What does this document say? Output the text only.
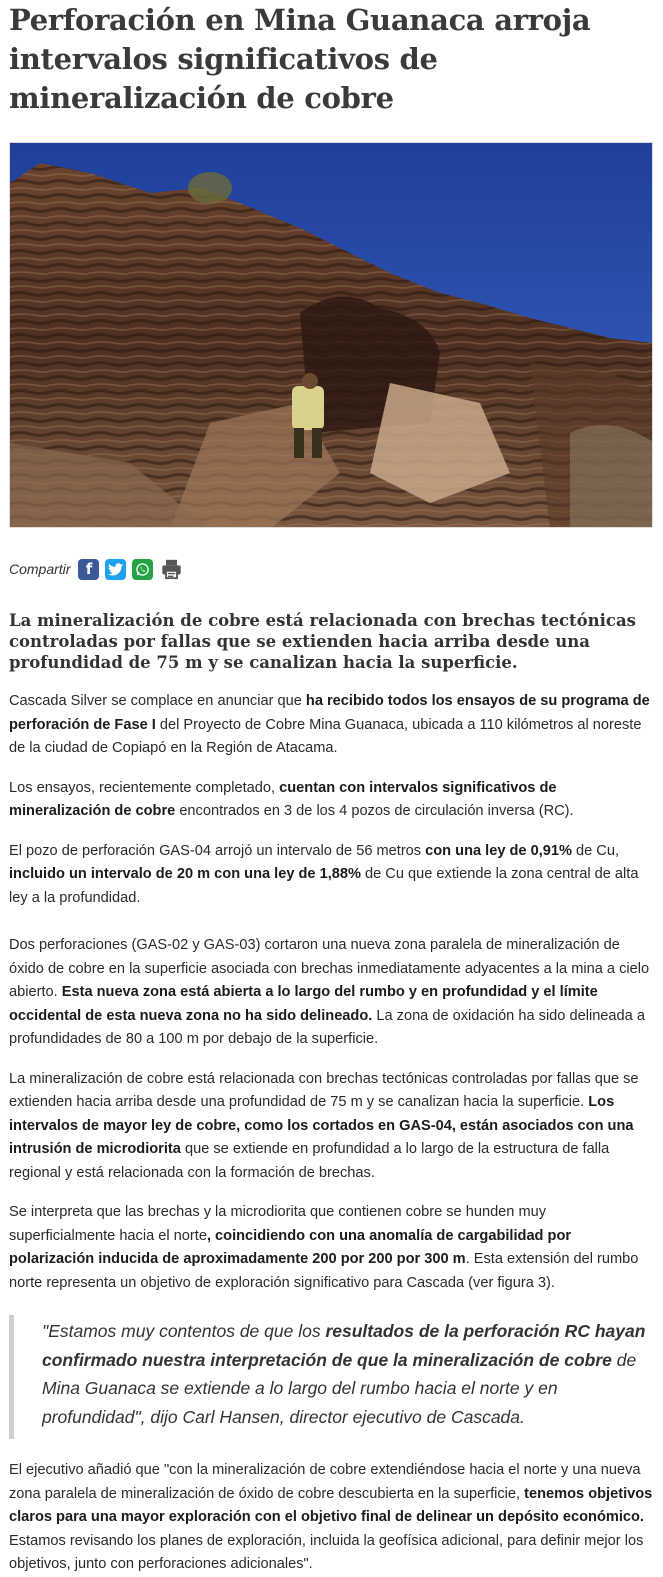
Perforación en Mina Guanaca arroja intervalos significativos de mineralización de cobre
Compartir	f

La mineralización de cobre está relacionada con brechas tectónicas controladas por fallas que se extienden hacia arriba desde una profundidad de 75 m y se canalizan hacia la superficie.

Cascada Silver se complace en anunciar que ha recibido todos los ensayos de su programa de perforación de Fase I del Proyecto de Cobre Mina Guanaca, ubicada a 110 kilómetros al noreste de la ciudad de Copiapó en la Región de Atacama.

Los ensayos, recientemente completado, cuentan con intervalos significativos de mineralización de cobre encontrados en 3 de los 4 pozos de circulación inversa (RC).

El pozo de perforación GAS-04 arrojó un intervalo de 56 metros con una ley de 0,91% de Cu, incluido un intervalo de 20 m con una ley de 1,88% de Cu que extiende la zona central de alta ley a la profundidad.

Dos perforaciones (GAS-02 y GAS-03) cortaron una nueva zona paralela de mineralización de óxido de cobre en la superficie asociada con brechas inmediatamente adyacentes a la mina a cielo abierto. Esta nueva zona está abierta a lo largo del rumbo y en profundidad y el límite occidental de esta nueva zona no ha sido delineado. La zona de oxidación ha sido delineada a profundidades de 80 a 100 m por debajo de la superficie.

La mineralización de cobre está relacionada con brechas tectónicas controladas por fallas que se extienden hacia arriba desde una profundidad de 75 m y se canalizan hacia la superficie. Los intervalos de mayor ley de cobre, como los cortados en GAS-04, están asociados con una intrusión de microdiorita que se extiende en profundidad a lo largo de la estructura de falla regional y está relacionada con la formación de brechas.

Se interpreta que las brechas y la microdiorita que contienen cobre se hunden muy superficialmente hacia el norte, coincidiendo con una anomalía de cargabilidad por polarización inducida de aproximadamente 200 por 200 por 300 m. Esta extensión del rumbo norte representa un objetivo de exploración significativo para Cascada (ver figura 3).

"Estamos muy contentos de que los resultados de la perforación RC hayan confirmado nuestra interpretación de que la mineralización de cobre de Mina Guanaca se extiende a lo largo del rumbo hacia el norte y en profundidad", dijo Carl Hansen, director ejecutivo de Cascada.

El ejecutivo añadió que "con la mineralización de cobre extendiéndose hacia el norte y una nueva zona paralela de mineralización de óxido de cobre descubierta en la superficie, tenemos objetivos claros para una mayor exploración con el objetivo final de delinear un depósito económico. Estamos revisando los planes de exploración, incluida la geofísica adicional, para definir mejor los objetivos, junto con perforaciones adicionales".
